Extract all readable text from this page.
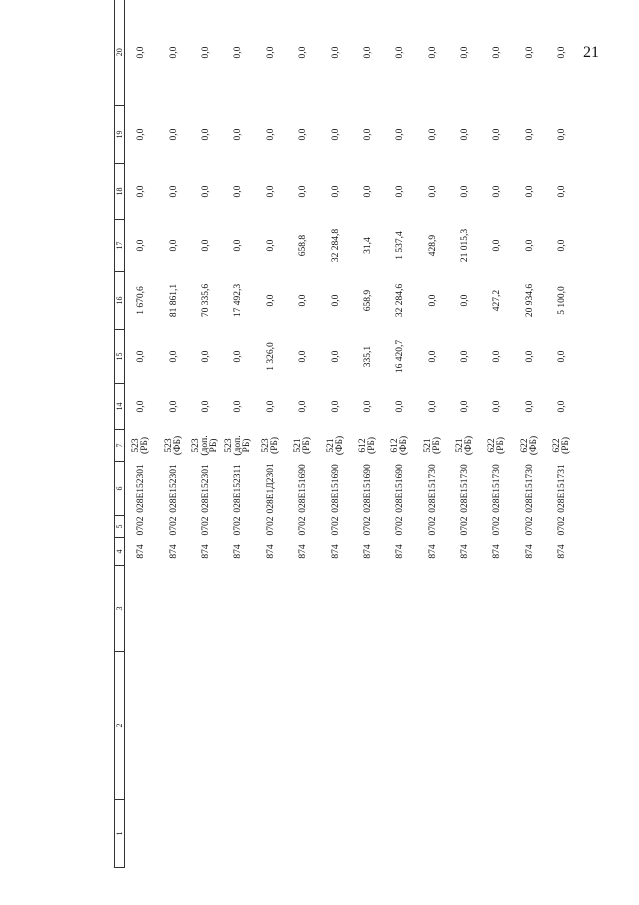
21
1	2	3	4	5	6	7	14	15	16	17	18	19	20
			874	0702	028E152301	523 (РБ)	0,0	0,0	1 670,6	0,0	0,0	0,0	0,0
			874	0702	028E152301	523 (ФБ)	0,0	0,0	81 861,1	0,0	0,0	0,0	0,0
			874	0702	028E152301	523 (доп. РБ)	0,0	0,0	70 335,6	0,0	0,0	0,0	0,0
			874	0702	028E152311	523 (доп. РБ)	0,0	0,0	17 492,3	0,0	0,0	0,0	0,0
			874	0702	028E1Д2301	523 (РБ)	0,0	1 326,0	0,0	0,0	0,0	0,0	0,0
			874	0702	028E151690	521 (РБ)	0,0	0,0	0,0	658,8	0,0	0,0	0,0
			874	0702	028E151690	521 (ФБ)	0,0	0,0	0,0	32 284,8	0,0	0,0	0,0
			874	0702	028E151690	612 (РБ)	0,0	335,1	658,9	31,4	0,0	0,0	0,0
			874	0702	028E151690	612 (ФБ)	0,0	16 420,7	32 284,6	1 537,4	0,0	0,0	0,0
			874	0702	028E151730	521 (РБ)	0,0	0,0	0,0	428,9	0,0	0,0	0,0
			874	0702	028E151730	521 (ФБ)	0,0	0,0	0,0	21 015,3	0,0	0,0	0,0
			874	0702	028E151730	622 (РБ)	0,0	0,0	427,2	0,0	0,0	0,0	0,0
			874	0702	028E151730	622 (ФБ)	0,0	0,0	20 934,6	0,0	0,0	0,0	0,0
			874	0702	028E151731	622 (РБ)	0,0	0,0	5 100,0	0,0	0,0	0,0	0,0
